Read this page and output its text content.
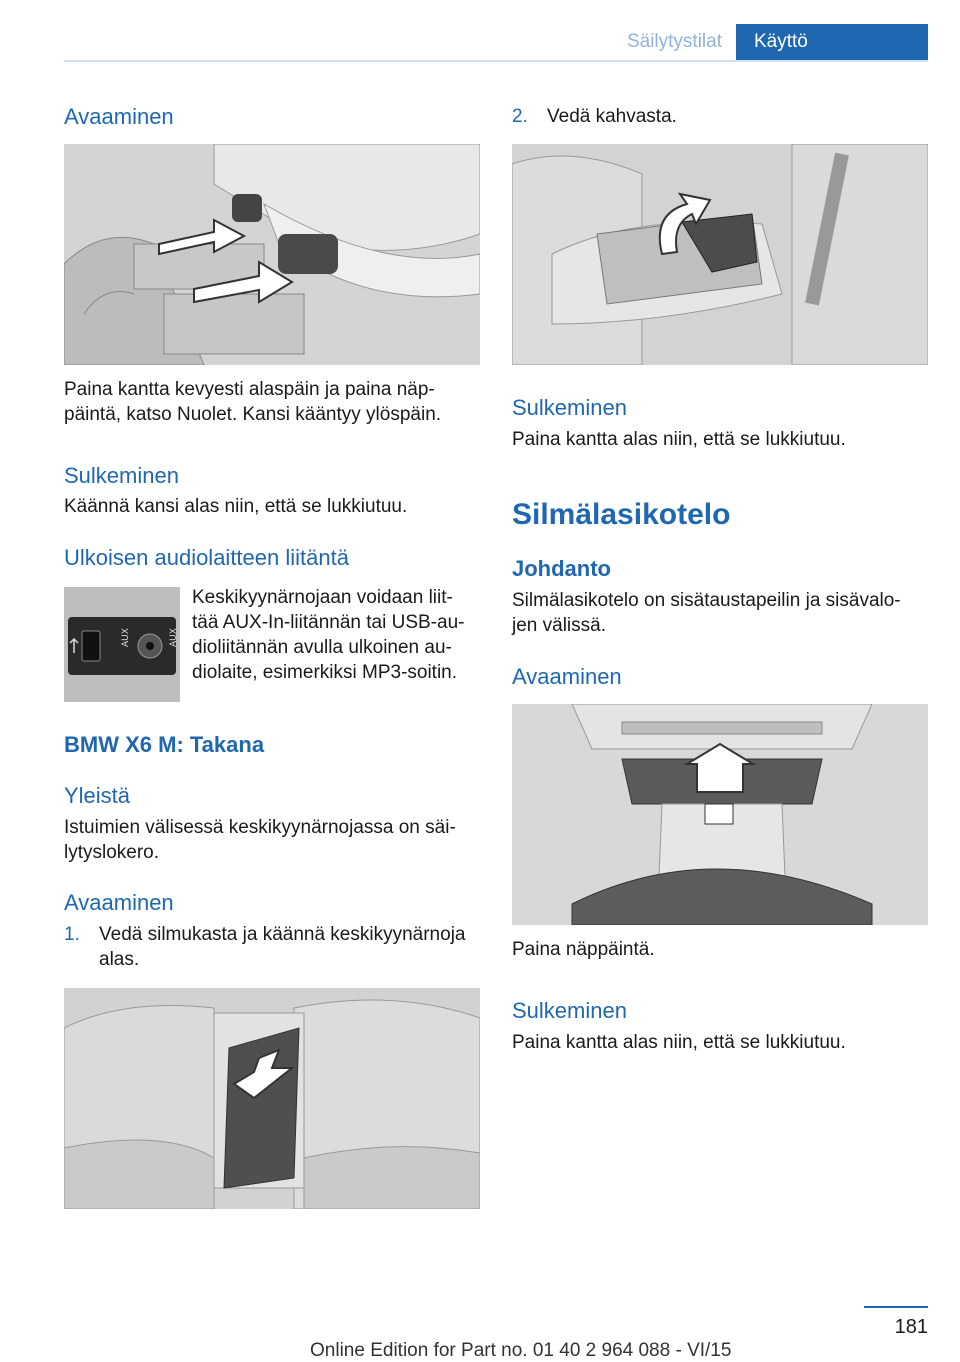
Säilytystilat	Käyttö
Avaaminen

Paina kantta kevyesti alaspäin ja paina näp-
päintä, katso Nuolet. Kansi kääntyy ylöspäin.

Sulkeminen

Käännä kansi alas niin, että se lukkiutuu.

Ulkoisen audiolaitteen liitäntä
AUX	AUX

Keskikyynärnojaan voidaan liit-
tää AUX-In-liitännän tai USB-au-
dioliitännän avulla ulkoinen au-
diolaite, esimerkiksi MP3-soitin.

BMW X6 M: Takana
Yleistä

Istuimien välisessä keskikyynärnojassa on säi-
lytyslokero.

Avaaminen
1. Vedä silmukasta ja käännä keskikyynärnoja
alas.

2. Vedä kahvasta.

Sulkeminen

Paina kantta alas niin, että se lukkiutuu.

Silmälasikotelo
Johdanto

Silmälasikotelo on sisätaustapeilin ja sisävalo-
jen välissä.

Avaaminen

Paina näppäintä.

Sulkeminen

Paina kantta alas niin, että se lukkiutuu.

181
Online Edition for Part no. 01 40 2 964 088 - VI/15
